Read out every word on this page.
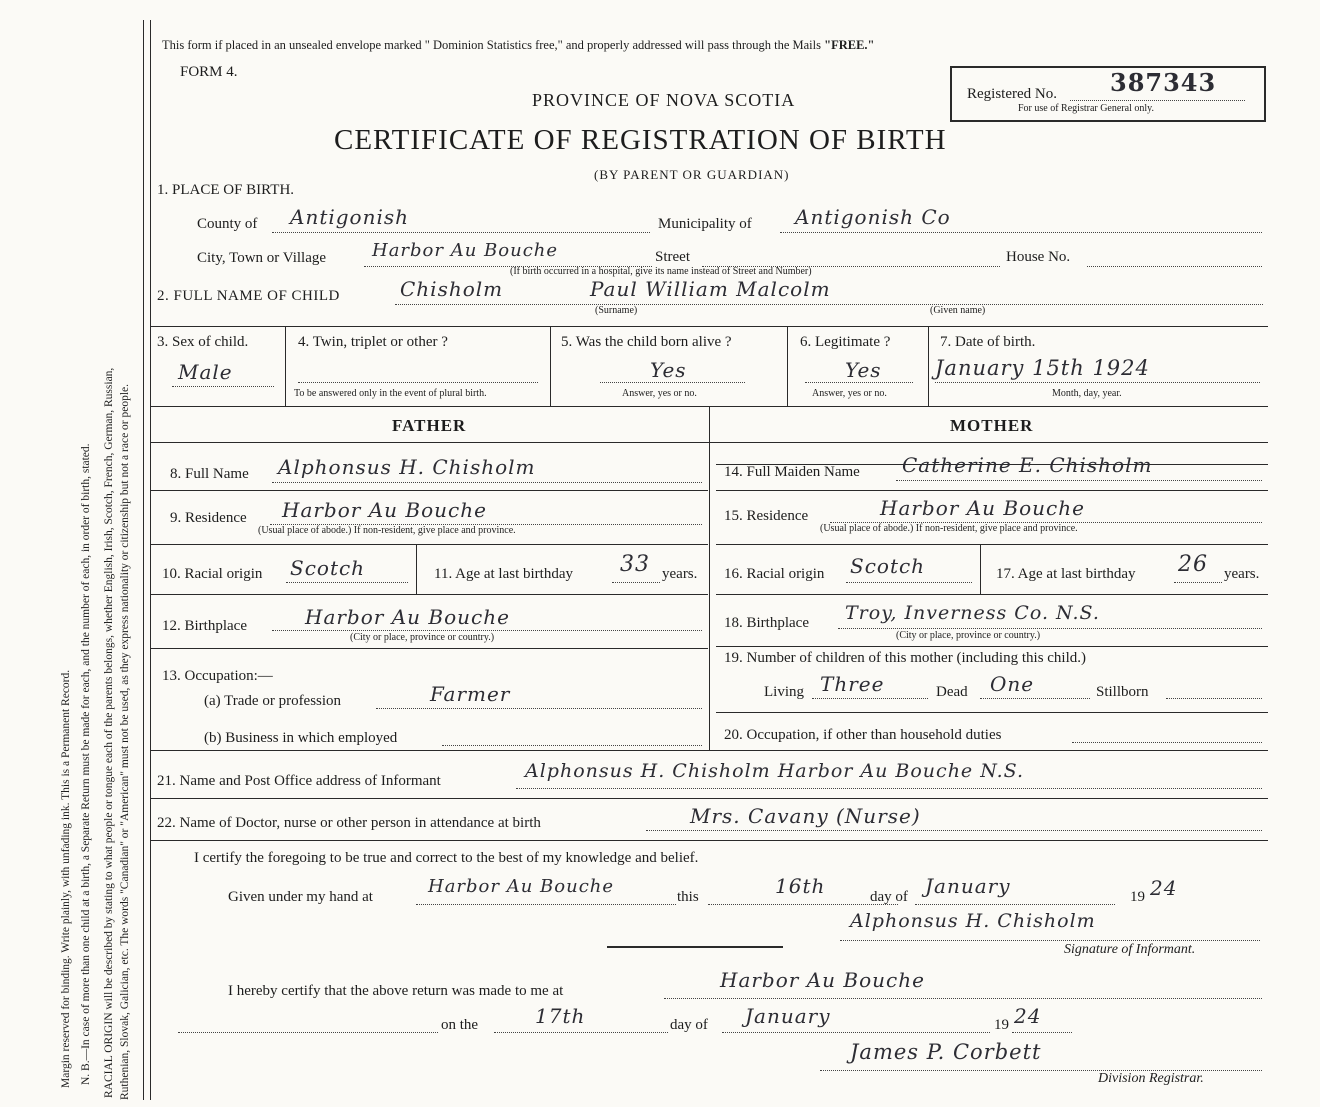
Margin reserved for binding. Write plainly, with unfading ink. This is a Permanent Record. N. B.—In case of more than one child at a birth, a Separate Return must be made for each, and the number of each, in order of birth, stated. RACIAL ORIGIN will be described by stating to what people or tongue each of the parents belongs, whether English, Irish, Scotch, French, German, Russian, Ruthenian, Slovak, Galician, etc. The words "Canadian" or "American" must not be used, as they express nationality or citizenship but not a race or people.
This form if placed in an unsealed envelope marked " Dominion Statistics free," and properly addressed will pass through the Mails "FREE."
FORM 4.
PROVINCE OF NOVA SCOTIA
CERTIFICATE OF REGISTRATION OF BIRTH
(BY PARENT OR GUARDIAN)
Registered No. 387343
For use of Registrar General only.
1. PLACE OF BIRTH.
County of Antigonish	Municipality of Antigonish Co
City, Town or Village	Harbor Au Bouche	Street	House No.
(If birth occurred in a hospital, give its name instead of Street and Number)
2. FULL NAME OF CHILD	Chisholm	Paul William Malcolm
(Surname)	(Given name)
3. Sex of child.
Male
4. Twin, triplet or other ?
To be answered only in the event of plural birth.
5. Was the child born alive ?
Yes
Answer, yes or no.
6. Legitimate ?
Yes
Answer, yes or no.
7. Date of birth.
January 15th 1924
Month, day, year.
FATHER	MOTHER
8. Full Name Alphonsus H. Chisholm
9. Residence Harbor Au Bouche
(Usual place of abode.) If non-resident, give place and province.
10. Racial origin Scotch	11. Age at last birthday 33 years.
12. Birthplace	Harbor Au Bouche
(City or place, province or country.)
13. Occupation:—
(a) Trade or profession	Farmer
(b) Business in which employed
14. Full Maiden Name Catherine E. Chisholm
15. Residence	Harbor Au Bouche
(Usual place of abode.) If non-resident, give place and province.
16. Racial origin Scotch	17. Age at last birthday 26 years.
18. Birthplace Troy, Inverness Co. N.S.
(City or place, province or country.)
19. Number of children of this mother (including this child.)
Living Three	Dead One	Stillborn
20. Occupation, if other than household duties
21. Name and Post Office address of Informant	Alphonsus H. Chisholm Harbor Au Bouche N.S.
22. Name of Doctor, nurse or other person in attendance at birth	Mrs. Cavany (Nurse)
I certify the foregoing to be true and correct to the best of my knowledge and belief.
Given under my hand at	Harbor Au Bouche	this	16th	day of January	19 24
Alphonsus H. Chisholm
Signature of Informant.
I hereby certify that the above return was made to me at	Harbor Au Bouche
on the	17th	day of January	19 24
James P. Corbett
Division Registrar.
